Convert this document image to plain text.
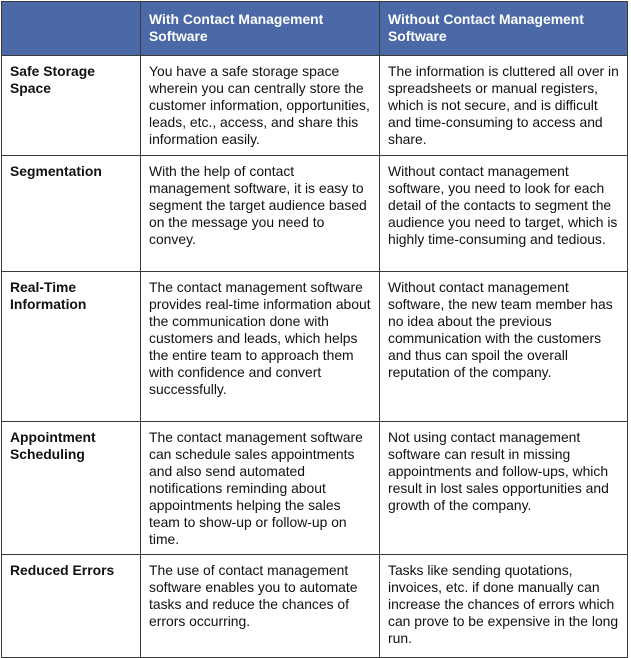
	With Contact Management Software	Without Contact Management Software
Safe Storage Space	You have a safe storage space wherein you can centrally store the customer information, opportunities, leads, etc., access, and share this information easily.	The information is cluttered all over in spreadsheets or manual registers, which is not secure, and is difficult and time-consuming to access and share.
Segmentation	With the help of contact management software, it is easy to segment the target audience based on the message you need to convey.	Without contact management software, you need to look for each detail of the contacts to segment the audience you need to target, which is highly time-consuming and tedious.
Real-Time Information	The contact management software provides real-time information about the communication done with customers and leads, which helps the entire team to approach them with confidence and convert successfully.	Without contact management software, the new team member has no idea about the previous communication with the customers and thus can spoil the overall reputation of the company.
Appointment Scheduling	The contact management software can schedule sales appointments and also send automated notifications reminding about appointments helping the sales team to show-up or follow-up on time.	Not using contact management software can result in missing appointments and follow-ups, which result in lost sales opportunities and growth of the company.
Reduced Errors	The use of contact management software enables you to automate tasks and reduce the chances of errors occurring.	Tasks like sending quotations, invoices, etc. if done manually can increase the chances of errors which can prove to be expensive in the long run.
